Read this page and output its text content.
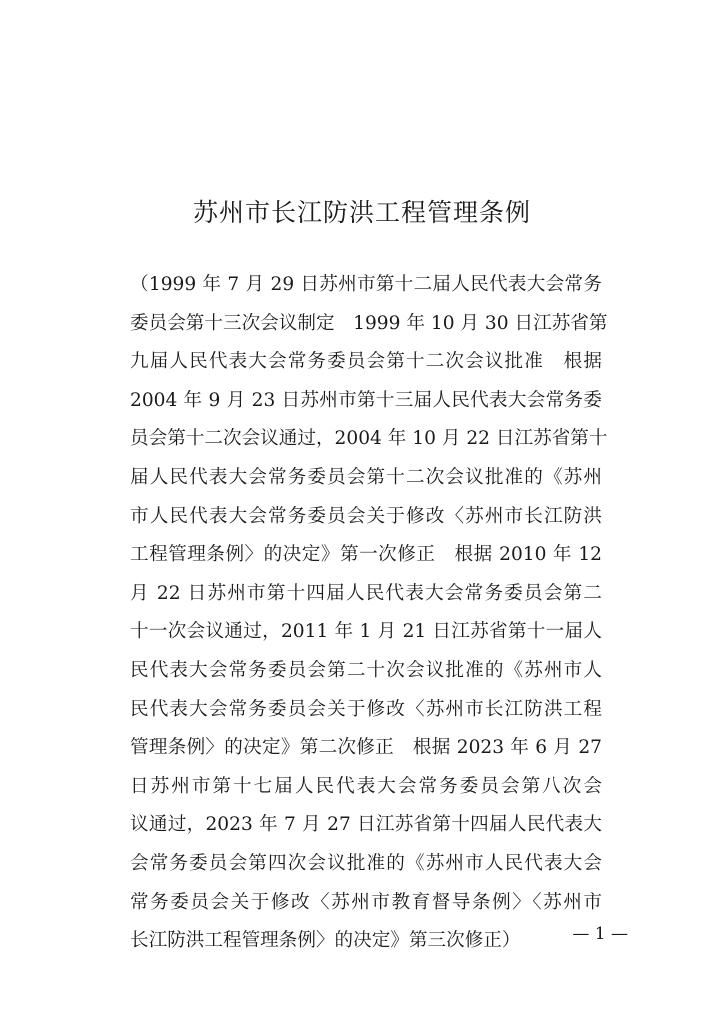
苏州市长江防洪工程管理条例
（1999 年 7 月 29 日苏州市第十二届人民代表大会常务
委员会第十三次会议制定　1999 年 10 月 30 日江苏省第
九届人民代表大会常务委员会第十二次会议批准　根据
2004 年 9 月 23 日苏州市第十三届人民代表大会常务委
员会第十二次会议通过，2004 年 10 月 22 日江苏省第十
届人民代表大会常务委员会第十二次会议批准的《苏州
市人民代表大会常务委员会关于修改〈苏州市长江防洪
工程管理条例〉的决定》第一次修正　根据 2010 年 12
月 22 日苏州市第十四届人民代表大会常务委员会第二
十一次会议通过，2011 年 1 月 21 日江苏省第十一届人
民代表大会常务委员会第二十次会议批准的《苏州市人
民代表大会常务委员会关于修改〈苏州市长江防洪工程
管理条例〉的决定》第二次修正　根据 2023 年 6 月 27
日苏州市第十七届人民代表大会常务委员会第八次会
议通过，2023 年 7 月 27 日江苏省第十四届人民代表大
会常务委员会第四次会议批准的《苏州市人民代表大会
常务委员会关于修改〈苏州市教育督导条例〉〈苏州市
长江防洪工程管理条例〉的决定》第三次修正）	— 1 —
